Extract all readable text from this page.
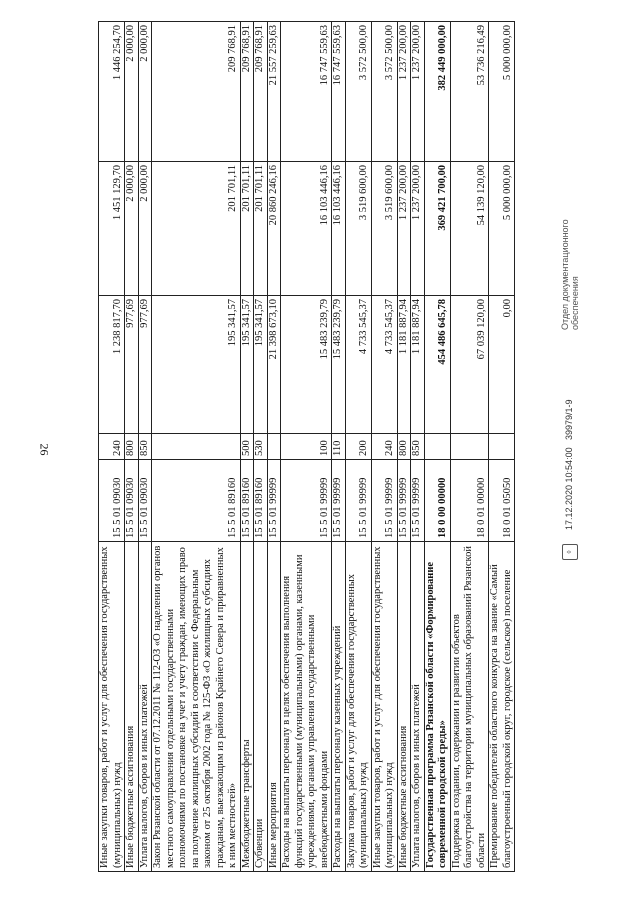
26
Иные закупки товаров, работ и услуг для обеспечения государственных (муниципальных) нужд	15 5 01 09030	240	1 238 817,70	1 451 129,70	1 446 254,70
Иные бюджетные ассигнования	15 5 01 09030	800	977,69	2 000,00	2 000,00
Уплата налогов, сборов и иных платежей	15 5 01 09030	850	977,69	2 000,00	2 000,00
Закон Рязанской области от 07.12.2011 № 112-ОЗ «О наделении органов местного самоуправления отдельными государственными полномочиями по постановке на учет и учету граждан, имеющих право на получение жилищных субсидий в соответствии с Федеральным законом от 25 октября 2002 года № 125-ФЗ «О жилищных субсидиях гражданам, выезжающим из районов Крайнего Севера и приравненных к ним местностей»	15 5 01 89160		195 341,57	201 701,11	209 768,91
Межбюджетные трансферты	15 5 01 89160	500	195 341,57	201 701,11	209 768,91
Субвенции	15 5 01 89160	530	195 341,57	201 701,11	209 768,91
Иные мероприятия	15 5 01 99999		21 398 673,10	20 860 246,16	21 557 259,63
Расходы на выплаты персоналу в целях обеспечения выполнения функций государственными (муниципальными) органами, казенными учреждениями, органами управления государственными внебюджетными фондами	15 5 01 99999	100	15 483 239,79	16 103 446,16	16 747 559,63
Расходы на выплаты персоналу казенных учреждений	15 5 01 99999	110	15 483 239,79	16 103 446,16	16 747 559,63
Закупка товаров, работ и услуг для обеспечения государственных (муниципальных) нужд	15 5 01 99999	200	4 733 545,37	3 519 600,00	3 572 500,00
Иные закупки товаров, работ и услуг для обеспечения государственных (муниципальных) нужд	15 5 01 99999	240	4 733 545,37	3 519 600,00	3 572 500,00
Иные бюджетные ассигнования	15 5 01 99999	800	1 181 887,94	1 237 200,00	1 237 200,00
Уплата налогов, сборов и иных платежей	15 5 01 99999	850	1 181 887,94	1 237 200,00	1 237 200,00
Государственная программа Рязанской области «Формирование современной городской среды»	18 0 00 00000		454 486 645,78	369 421 700,00	382 449 000,00
Поддержка в создании, содержании и развитии объектов благоустройства на территории муниципальных образований Рязанской области	18 0 01 00000		67 039 120,00	54 139 120,00	53 736 216,49
Премирование победителей областного конкурса на звание «Самый благоустроенный городской округ, городское (сельское) поселение	18 0 01 05050		0,00	5 000 000,00	5 000 000,00
◊
17.12.2020 10:54:00
39979/1-9
Отдел документационного обеспечения
